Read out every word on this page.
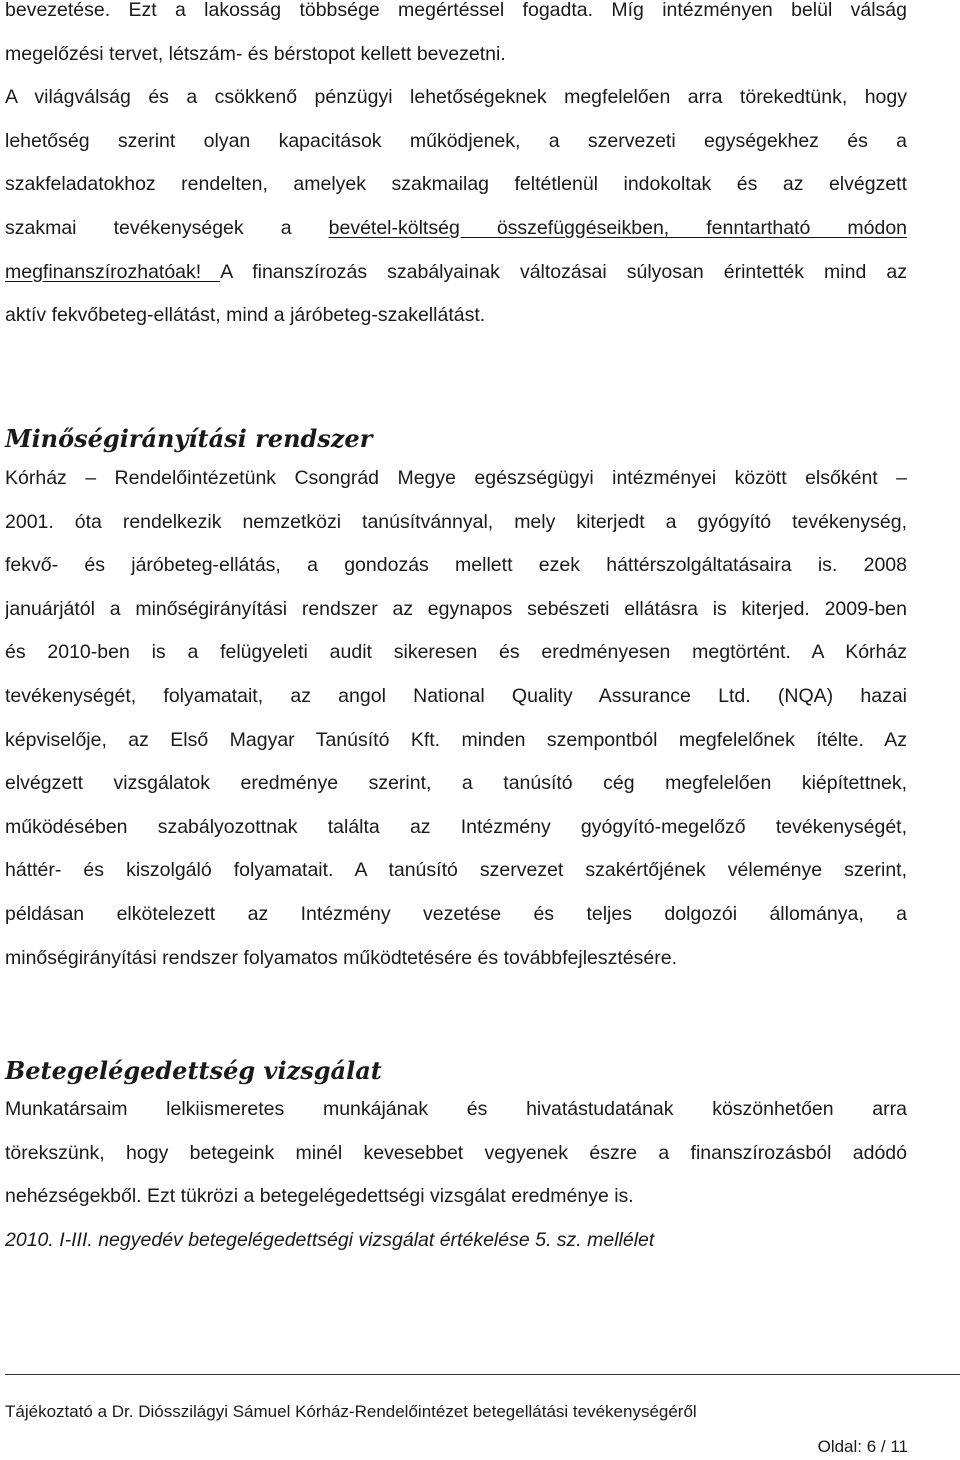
bevezetése. Ezt a lakosság többsége megértéssel fogadta. Míg intézményen belül válság
megelőzési tervet, létszám- és bérstopot kellett bevezetni.
A világválság és a csökkenő pénzügyi lehetőségeknek megfelelően arra törekedtünk, hogy
lehetőség szerint olyan kapacitások működjenek, a szervezeti egységekhez és a
szakfeladatokhoz rendelten, amelyek szakmailag feltétlenül indokoltak és az elvégzett
szakmai tevékenységek a bevétel-költség összefüggéseikben, fenntartható módon
megfinanszírozhatóak! A finanszírozás szabályainak változásai súlyosan érintették mind az
aktív fekvőbeteg-ellátást, mind a járóbeteg-szakellátást.
Minőségirányítási rendszer
Kórház – Rendelőintézetünk Csongrád Megye egészségügyi intézményei között elsőként –
2001. óta rendelkezik nemzetközi tanúsítvánnyal, mely kiterjedt a gyógyító tevékenység,
fekvő- és járóbeteg-ellátás, a gondozás mellett ezek háttérszolgáltatásaira is. 2008
januárjától a minőségirányítási rendszer az egynapos sebészeti ellátásra is kiterjed. 2009-ben
és 2010-ben is a felügyeleti audit sikeresen és eredményesen megtörtént. A Kórház
tevékenységét, folyamatait, az angol National Quality Assurance Ltd. (NQA) hazai
képviselője, az Első Magyar Tanúsító Kft. minden szempontból megfelelőnek ítélte. Az
elvégzett vizsgálatok eredménye szerint, a tanúsító cég megfelelően kiépítettnek,
működésében szabályozottnak találta az Intézmény gyógyító-megelőző tevékenységét,
háttér- és kiszolgáló folyamatait. A tanúsító szervezet szakértőjének véleménye szerint,
példásan elkötelezett az Intézmény vezetése és teljes dolgozói állománya, a
minőségirányítási rendszer folyamatos működtetésére és továbbfejlesztésére.
Betegelégedettség vizsgálat
Munkatársaim lelkiismeretes munkájának és hivatástudatának köszönhetően arra
törekszünk, hogy betegeink minél kevesebbet vegyenek észre a finanszírozásból adódó
nehézségekből. Ezt tükrözi a betegelégedettségi vizsgálat eredménye is.

2010. I-III. negyedév betegelégedettségi vizsgálat értékelése 5. sz. mellélet

Tájékoztató a Dr. Diósszilágyi Sámuel Kórház-Rendelőintézet betegellátási tevékenységéről

Oldal: 6 / 11
